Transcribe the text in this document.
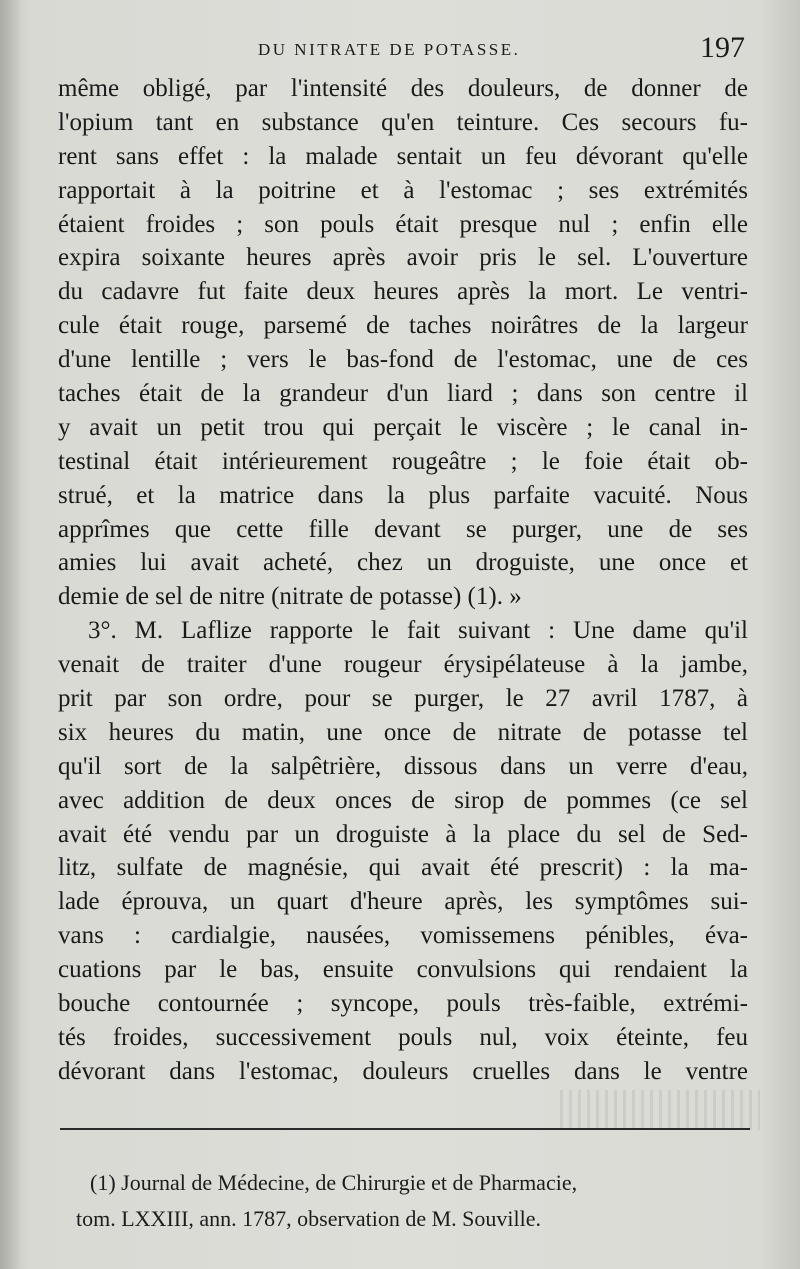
DU NITRATE DE POTASSE.	197
même obligé, par l'intensité des douleurs, de donner de
l'opium tant en substance qu'en teinture. Ces secours fu-
rent sans effet : la malade sentait un feu dévorant qu'elle
rapportait à la poitrine et à l'estomac ; ses extrémités
étaient froides ; son pouls était presque nul ; enfin elle
expira soixante heures après avoir pris le sel. L'ouverture
du cadavre fut faite deux heures après la mort. Le ventri-
cule était rouge, parsemé de taches noirâtres de la largeur
d'une lentille ; vers le bas-fond de l'estomac, une de ces
taches était de la grandeur d'un liard ; dans son centre il
y avait un petit trou qui perçait le viscère ; le canal in-
testinal était intérieurement rougeâtre ; le foie était ob-
strué, et la matrice dans la plus parfaite vacuité. Nous
apprîmes que cette fille devant se purger, une de ses
amies lui avait acheté, chez un droguiste, une once et
demie de sel de nitre (nitrate de potasse) (1). »
3°. M. Laflize rapporte le fait suivant : Une dame qu'il
venait de traiter d'une rougeur érysipélateuse à la jambe,
prit par son ordre, pour se purger, le 27 avril 1787, à
six heures du matin, une once de nitrate de potasse tel
qu'il sort de la salpêtrière, dissous dans un verre d'eau,
avec addition de deux onces de sirop de pommes (ce sel
avait été vendu par un droguiste à la place du sel de Sed-
litz, sulfate de magnésie, qui avait été prescrit) : la ma-
lade éprouva, un quart d'heure après, les symptômes sui-
vans : cardialgie, nausées, vomissemens pénibles, éva-
cuations par le bas, ensuite convulsions qui rendaient la
bouche contournée ; syncope, pouls très-faible, extrémi-
tés froides, successivement pouls nul, voix éteinte, feu
dévorant dans l'estomac, douleurs cruelles dans le ventre
(1) Journal de Médecine, de Chirurgie et de Pharmacie,
tom. LXXIII, ann. 1787, observation de M. Souville.
